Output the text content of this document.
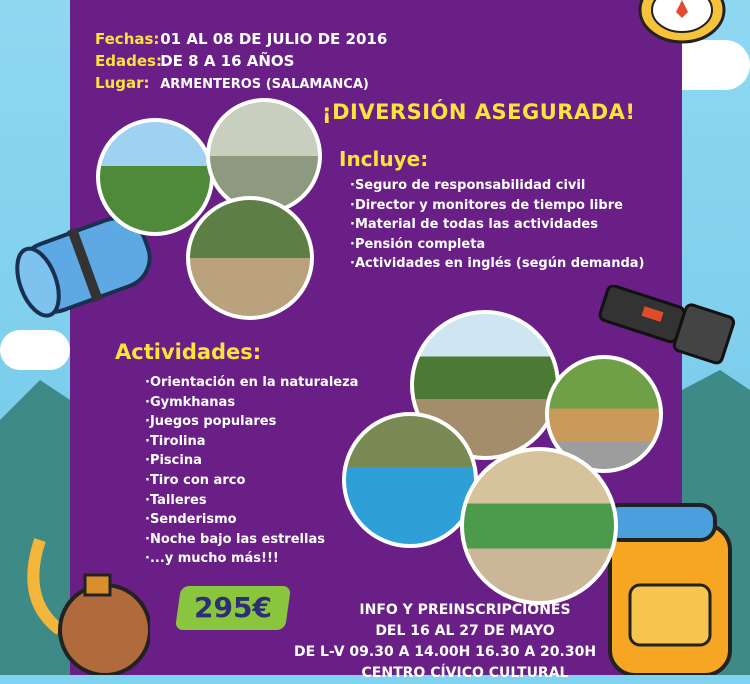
Fechas: 01 AL 08 DE JULIO DE 2016
Edades: DE 8 A 16 AÑOS
Lugar: ARMENTEROS (SALAMANCA)
¡DIVERSIÓN ASEGURADA!
Incluye:
·Seguro de responsabilidad civil
·Director y monitores de tiempo libre
·Material de todas las actividades
·Pensión completa
·Actividades en inglés (según demanda)
Actividades:
·Orientación en la naturaleza
·Gymkhanas
·Juegos populares
·Tirolina
·Piscina
·Tiro con arco
·Talleres
·Senderismo
·Noche bajo las estrellas
·...y mucho más!!!
295€	INFO Y PREINSCRIPCIONES
DEL 16 AL 27 DE MAYO
DE L-V 09.30 A 14.00H 16.30 A 20.30H
CENTRO CÍVICO CULTURAL
